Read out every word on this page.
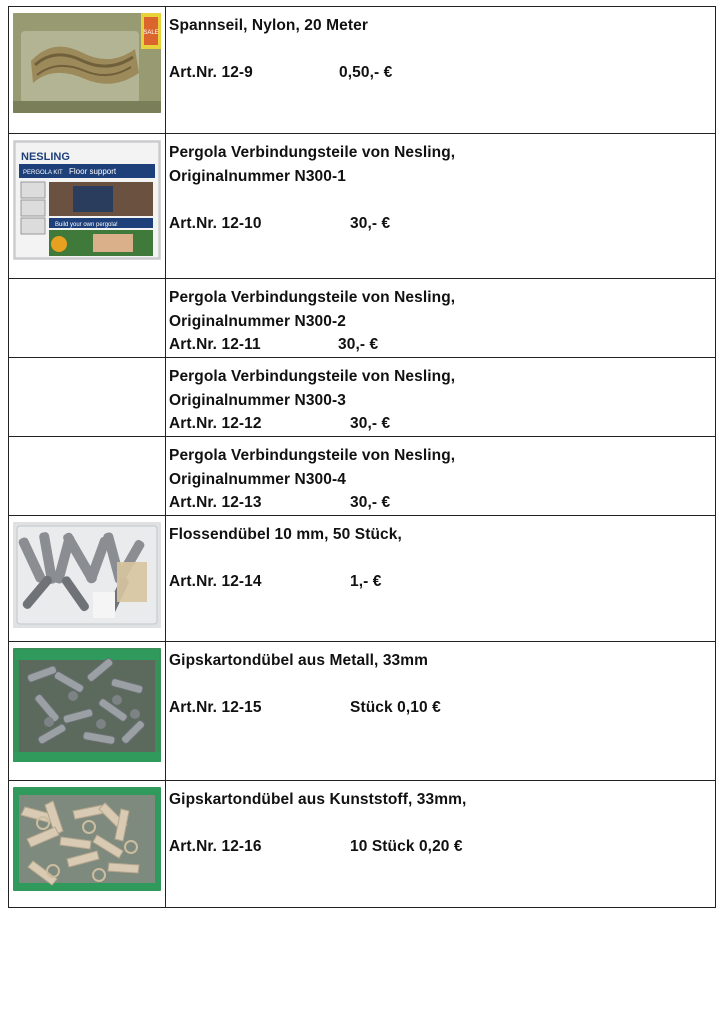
SALE Spannseil, Nylon, 20 Meter
Art.Nr. 12-9	0,50,- €
NESLING
PERGOLA KIT Floor support
Build your own pergola!
Pergola Verbindungsteile von Nesling,
Originalnummer N300-1
Art.Nr. 12-10	30,- €
Pergola Verbindungsteile von Nesling,
Originalnummer N300-2
Art.Nr. 12-11	30,- €
Pergola Verbindungsteile von Nesling,
Originalnummer N300-3
Art.Nr. 12-12	30,- €
Pergola Verbindungsteile von Nesling,
Originalnummer N300-4
Art.Nr. 12-13	30,- €
Flossendübel 10 mm, 50 Stück,
Art.Nr. 12-14	1,- €
Gipskartondübel aus Metall, 33mm
Art.Nr. 12-15	Stück 0,10 €
Gipskartondübel aus Kunststoff, 33mm,
Art.Nr. 12-16	10 Stück 0,20 €
